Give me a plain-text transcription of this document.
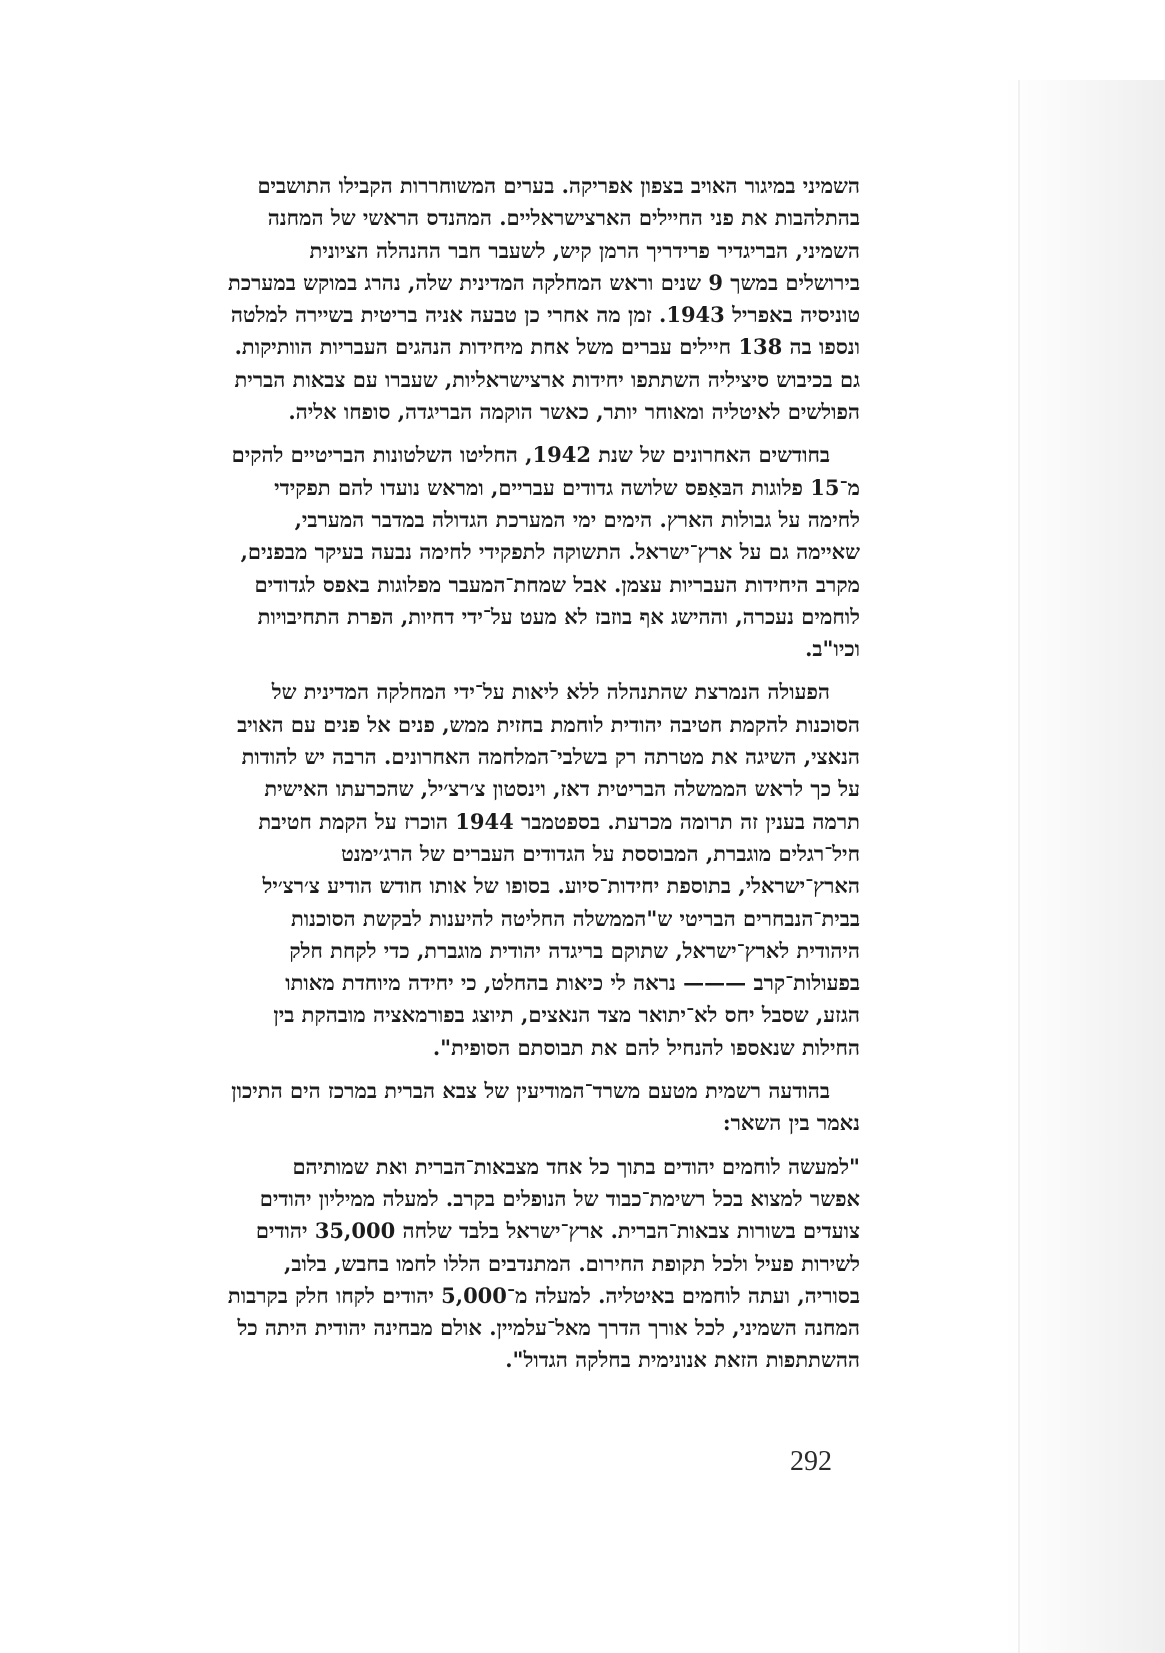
השמיני במיגור האויב בצפון אפריקה. בערים המשוחררות הקבילו התושבים
בהתלהבות את פני החיילים הארצישראליים. המהנדס הראשי של המחנה
השמיני, הבריגדיר פרידריך הרמן קיש, לשעבר חבר ההנהלה הציונית
בירושלים במשך 9 שנים וראש המחלקה המדינית שלה, נהרג במוקש במערכת
טוניסיה באפריל 1943. זמן מה אחרי כן טבעה אניה בריטית בשיירה למלטה
ונספו בה 138 חיילים עברים משל אחת מיחידות הנהגים העבריות הוותיקות.
גם בכיבוש סיציליה השתתפו יחידות ארצישראליות, שעברו עם צבאות הברית
הפולשים לאיטליה ומאוחר יותר, כאשר הוקמה הבריגדה, סופחו אליה.
בחודשים האחרונים של שנת 1942, החליטו השלטונות הבריטיים להקים
מ־15 פלוגות הבּאַפס שלושה גדודים עבריים, ומראש נועדו להם תפקידי
לחימה על גבולות הארץ. הימים ימי המערכת הגדולה במדבר המערבי,
שאיימה גם על ארץ־ישראל. התשוקה לתפקידי לחימה נבעה בעיקר מבפנים,
מקרב היחידות העבריות עצמן. אבל שמחת־המעבר מפלוגות באפס לגדודים
לוחמים נעכרה, וההישג אף בוזבז לא מעט על־ידי דחיות, הפרת התחיבויות
וכיו"ב.
הפעולה הנמרצת שהתנהלה ללא ליאות על־ידי המחלקה המדינית של
הסוכנות להקמת חטיבה יהודית לוחמת בחזית ממש, פנים אל פנים עם האויב
הנאצי, השיגה את מטרתה רק בשלבי־המלחמה האחרונים. הרבה יש להודות
על כך לראש הממשלה הבריטית דאז, וינסטון צ׳רצ׳יל, שהכרעתו האישית
תרמה בענין זה תרומה מכרעת. בספטמבר 1944 הוכרז על הקמת חטיבת
חיל־רגלים מוגברת, המבוססת על הגדודים העברים של הרג׳ימנט
הארץ־ישראלי, בתוספת יחידות־סיוע. בסופו של אותו חודש הודיע צ׳רצ׳יל
בבית־הנבחרים הבריטי ש"הממשלה החליטה להיענות לבקשת הסוכנות
היהודית לארץ־ישראל, שתוקם בריגדה יהודית מוגברת, כדי לקחת חלק
בפעולות־קרב ——— נראה לי כיאות בהחלט, כי יחידה מיוחדת מאותו
הגזע, שסבל יחס לא־יתואר מצד הנאצים, תיוצג בפורמאציה מובהקת בין
החילות שנאספו להנחיל להם את תבוסתם הסופית".
בהודעה רשמית מטעם משרד־המודיעין של צבא הברית במרכז הים התיכון
נאמר בין השאר:
"למעשה לוחמים יהודים בתוך כל אחד מצבאות־הברית ואת שמותיהם
אפשר למצוא בכל רשימת־כבוד של הנופלים בקרב. למעלה ממיליון יהודים
צועדים בשורות צבאות־הברית. ארץ־ישראל בלבד שלחה 35,000 יהודים
לשירות פעיל ולכל תקופת החירום. המתנדבים הללו לחמו בחבש, בלוב,
בסוריה, ועתה לוחמים באיטליה. למעלה מ־5,000 יהודים לקחו חלק בקרבות
המחנה השמיני, לכל אורך הדרך מאל־עלמיין. אולם מבחינה יהודית היתה כל
ההשתתפות הזאת אנונימית בחלקה הגדול".
292
